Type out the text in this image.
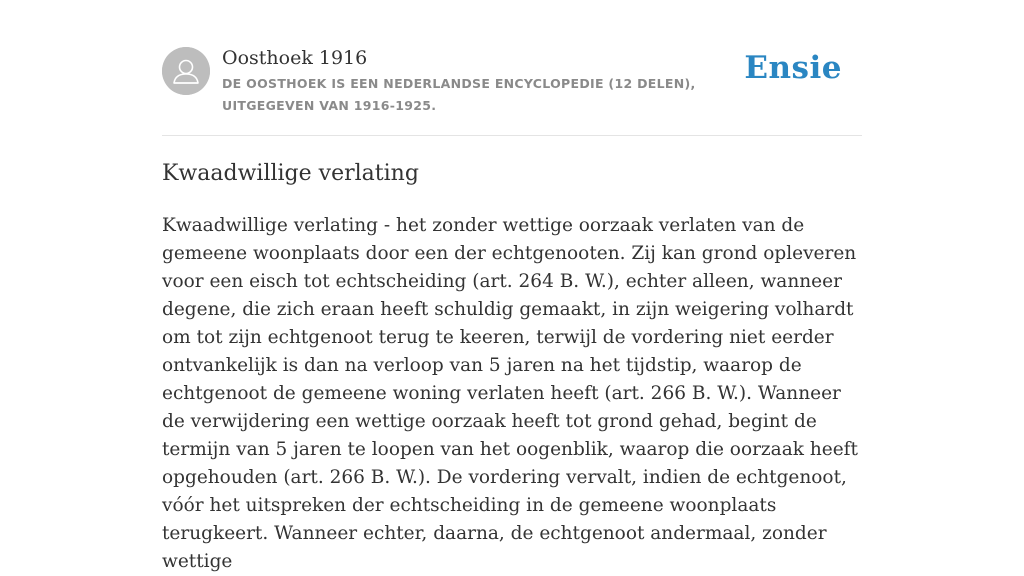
Oosthoek 1916

DE OOSTHOEK IS EEN NEDERLANDSE ENCYCLOPEDIE (12 DELEN), UITGEGEVEN VAN 1916-1925.

Ensie
Kwaadwillige verlating

Kwaadwillige verlating - het zonder wettige oorzaak verlaten van de gemeene woonplaats door een der echtgenooten. Zij kan grond opleveren voor een eisch tot echtscheiding (art. 264 B. W.), echter alleen, wanneer degene, die zich eraan heeft schuldig gemaakt, in zijn weigering volhardt om tot zijn echtgenoot terug te keeren, terwijl de vordering niet eerder ontvankelijk is dan na verloop van 5 jaren na het tijdstip, waarop de echtgenoot de gemeene woning verlaten heeft (art. 266 B. W.). Wanneer de verwijdering een wettige oorzaak heeft tot grond gehad, begint de termijn van 5 jaren te loopen van het oogenblik, waarop die oorzaak heeft opgehouden (art. 266 B. W.). De vordering vervalt, indien de echtgenoot, vóór het uitspreken der echtscheiding in de gemeene woonplaats terugkeert. Wanneer echter, daarna, de echtgenoot andermaal, zonder wettige
